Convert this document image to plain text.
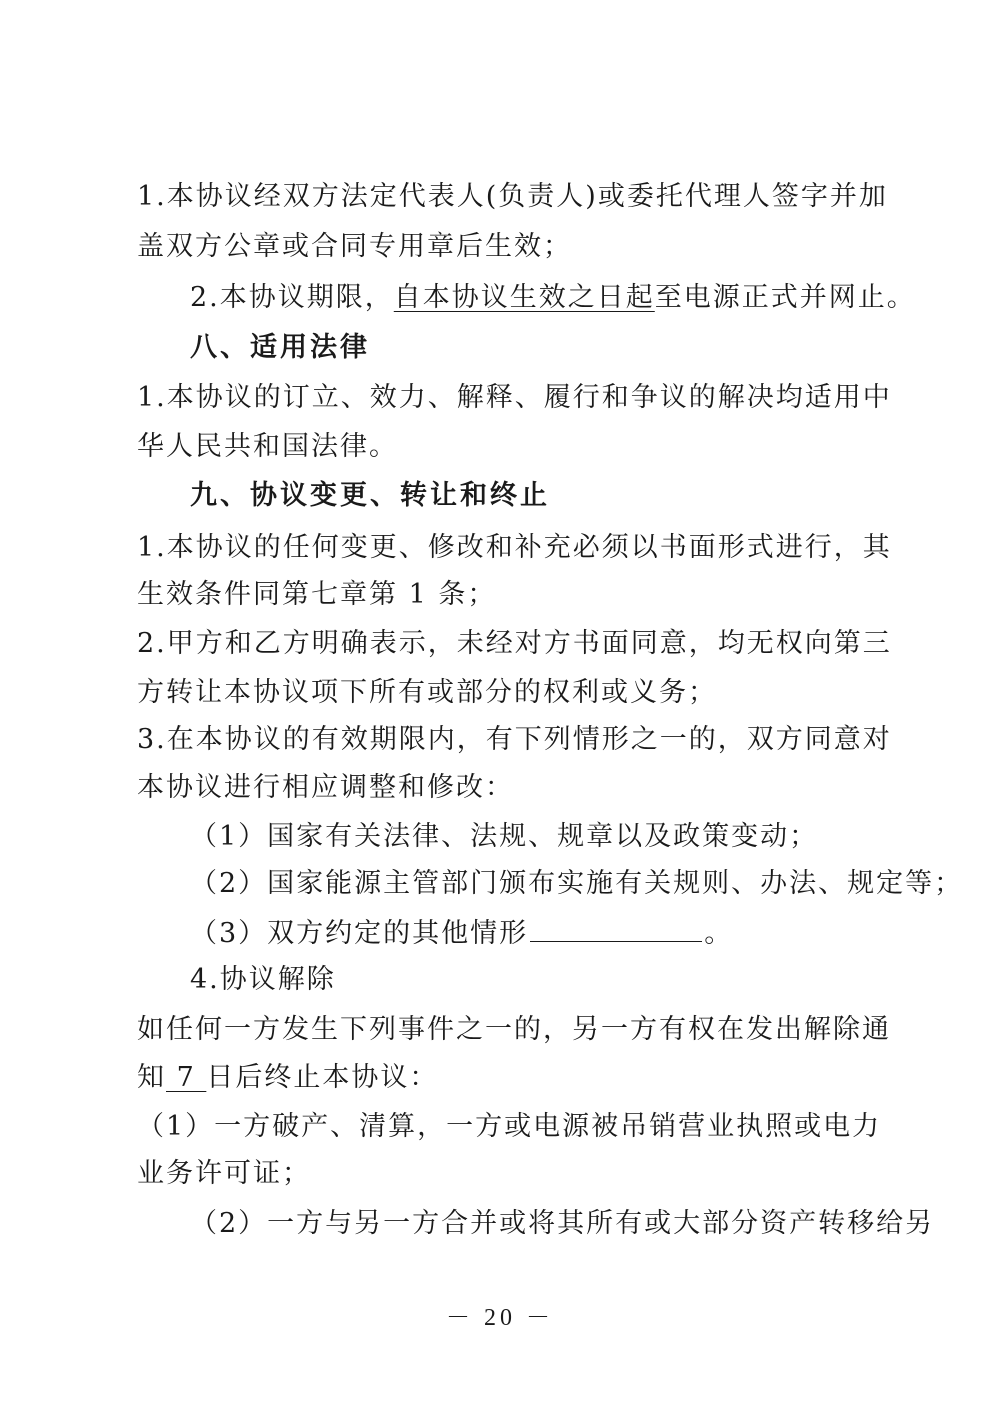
1.本协议经双方法定代表人(负责人)或委托代理人签字并加
盖双方公章或合同专用章后生效；
2.本协议期限，自本协议生效之日起至电源正式并网止。
八、适用法律
1.本协议的订立、效力、解释、履行和争议的解决均适用中
华人民共和国法律。
九、协议变更、转让和终止
1.本协议的任何变更、修改和补充必须以书面形式进行，其
生效条件同第七章第 1 条；
2.甲方和乙方明确表示，未经对方书面同意，均无权向第三
方转让本协议项下所有或部分的权利或义务；
3.在本协议的有效期限内，有下列情形之一的，双方同意对
本协议进行相应调整和修改：
（1）国家有关法律、法规、规章以及政策变动；
（2）国家能源主管部门颁布实施有关规则、办法、规定等；
（3）双方约定的其他情形	。
4.协议解除
如任何一方发生下列事件之一的，另一方有权在发出解除通
知 7 日后终止本协议：
（1）一方破产、清算，一方或电源被吊销营业执照或电力
业务许可证；
（2）一方与另一方合并或将其所有或大部分资产转移给另
－ 20 －
